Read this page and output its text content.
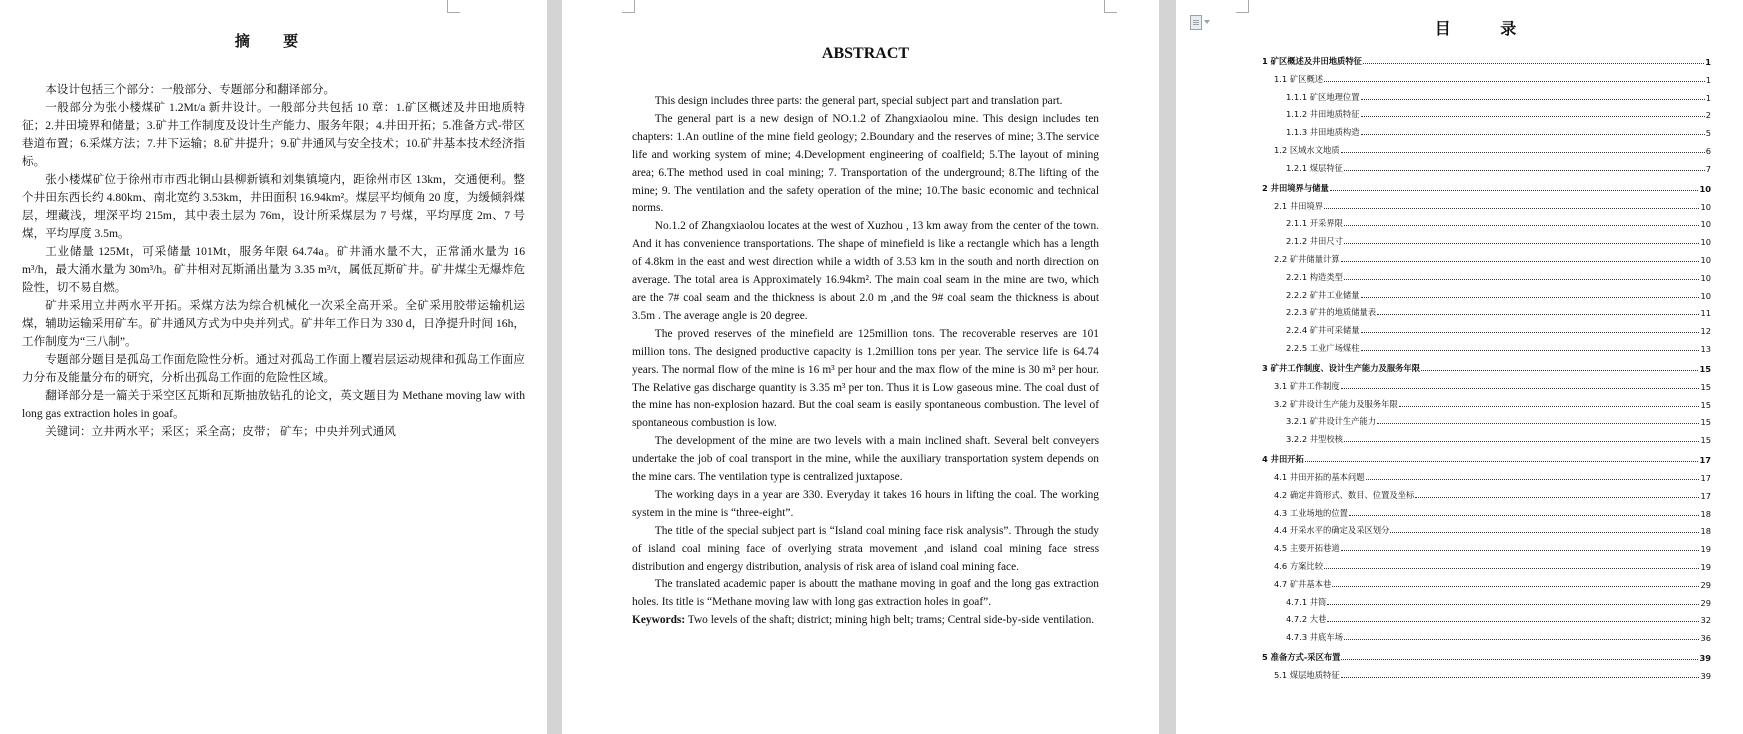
摘 要

本设计包括三个部分：一般部分、专题部分和翻译部分。

一般部分为张小楼煤矿 1.2Mt/a 新井设计。一般部分共包括 10 章：1.矿区概述及井田地质特征；2.井田境界和储量；3.矿井工作制度及设计生产能力、服务年限；4.井田开拓；5.准备方式-带区巷道布置；6.采煤方法；7.井下运输；8.矿井提升；9.矿井通风与安全技术；10.矿井基本技术经济指标。

张小楼煤矿位于徐州市市西北铜山县柳新镇和刘集镇境内，距徐州市区 13km，交通便利。整个井田东西长约 4.80km、南北宽约 3.53km，井田面积 16.94km²。煤层平均倾角 20 度，为缓倾斜煤层，埋藏浅，埋深平均 215m，其中表土层为 76m，设计所采煤层为 7 号煤，平均厚度 2m、7 号煤，平均厚度 3.5m。

工业储量 125Mt，可采储量 101Mt，服务年限 64.74a。矿井涌水量不大，正常涌水量为 16 m³/h，最大涌水量为 30m³/h。矿井相对瓦斯涌出量为 3.35 m³/t，属低瓦斯矿井。矿井煤尘无爆炸危险性，切不易自燃。

矿井采用立井两水平开拓。采煤方法为综合机械化一次采全高开采。全矿采用胶带运输机运煤，辅助运输采用矿车。矿井通风方式为中央并列式。矿井年工作日为 330 d，日净提升时间 16h，工作制度为“三八制”。

专题部分题目是孤岛工作面危险性分析。通过对孤岛工作面上覆岩层运动规律和孤岛工作面应力分布及能量分布的研究，分析出孤岛工作面的危险性区域。

翻译部分是一篇关于采空区瓦斯和瓦斯抽放钻孔的论文，英文题目为 Methane moving law with long gas extraction holes in goaf。

关键词：立井两水平；采区；采全高；皮带； 矿车；中央并列式通风

ABSTRACT

This design includes three parts: the general part, special subject part and translation part.

The general part is a new design of NO.1.2 of Zhangxiaolou mine. This design includes ten chapters: 1.An outline of the mine field geology; 2.Boundary and the reserves of mine; 3.The service life and working system of mine; 4.Development engineering of coalfield; 5.The layout of mining area; 6.The method used in coal mining; 7. Transportation of the underground; 8.The lifting of the mine; 9. The ventilation and the safety operation of the mine; 10.The basic economic and technical norms.

No.1.2 of Zhangxiaolou locates at the west of Xuzhou , 13 km away from the center of the town. And it has convenience transportations. The shape of minefield is like a rectangle which has a length of 4.8km in the east and west direction while a width of 3.53 km in the south and north direction on average. The total area is Approximately 16.94km². The main coal seam in the mine are two, which are the 7# coal seam and the thickness is about 2.0 m ,and the 9# coal seam the thickness is about 3.5m . The average angle is 20 degree.

The proved reserves of the minefield are 125million tons. The recoverable reserves are 101 million tons. The designed productive capacity is 1.2million tons per year. The service life is 64.74 years. The normal flow of the mine is 16 m³ per hour and the max flow of the mine is 30 m³ per hour. The Relative gas discharge quantity is 3.35 m³ per ton. Thus it is Low gaseous mine. The coal dust of the mine has non-explosion hazard. But the coal seam is easily spontaneous combustion. The level of spontaneous combustion is low.

The development of the mine are two levels with a main inclined shaft. Several belt conveyers undertake the job of coal transport in the mine, while the auxiliary transportation system depends on the mine cars. The ventilation type is centralized juxtapose.

The working days in a year are 330. Everyday it takes 16 hours in lifting the coal. The working system in the mine is “three-eight”.

The title of the special subject part is “Island coal mining face risk analysis”. Through the study of island coal mining face of overlying strata movement ,and island coal mining face stress distribution and engergy distribution, analysis of risk area of island coal mining face.

The translated academic paper is aboutt the mathane moving in goaf and the long gas extraction holes. Its title is “Methane moving law with long gas extraction holes in goaf”.

Keywords: Two levels of the shaft; district; mining high belt; trams; Central side-by-side ventilation.

目 录
1 矿区概述及井田地质特征	1
1.1 矿区概述	1
1.1.1 矿区地理位置	1
1.1.2 井田地质特征	2
1.1.3 井田地质构造	5
1.2 区域水文地质	6
1.2.1 煤层特征	7
2 井田境界与储量	10
2.1 井田境界	10
2.1.1 开采界限	10
2.1.2 井田尺寸	10
2.2 矿井储量计算	10
2.2.1 构造类型	10
2.2.2 矿井工业储量	10
2.2.3 矿井的地质储量表	11
2.2.4 矿井可采储量	12
2.2.5 工业广场煤柱	13
3 矿井工作制度、设计生产能力及服务年限	15
3.1 矿井工作制度	15
3.2 矿井设计生产能力及服务年限	15
3.2.1 矿井设计生产能力	15
3.2.2 井型校核	15
4 井田开拓	17
4.1 井田开拓的基本问题	17
4.2 确定井筒形式、数目、位置及坐标	17
4.3 工业场地的位置	18
4.4 开采水平的确定及采区划分	18
4.5 主要开拓巷道	19
4.6 方案比较	19
4.7 矿井基本巷	29
4.7.1 井筒	29
4.7.2 大巷	32
4.7.3 井底车场	36
5 准备方式-采区布置	39
5.1 煤层地质特征	39
